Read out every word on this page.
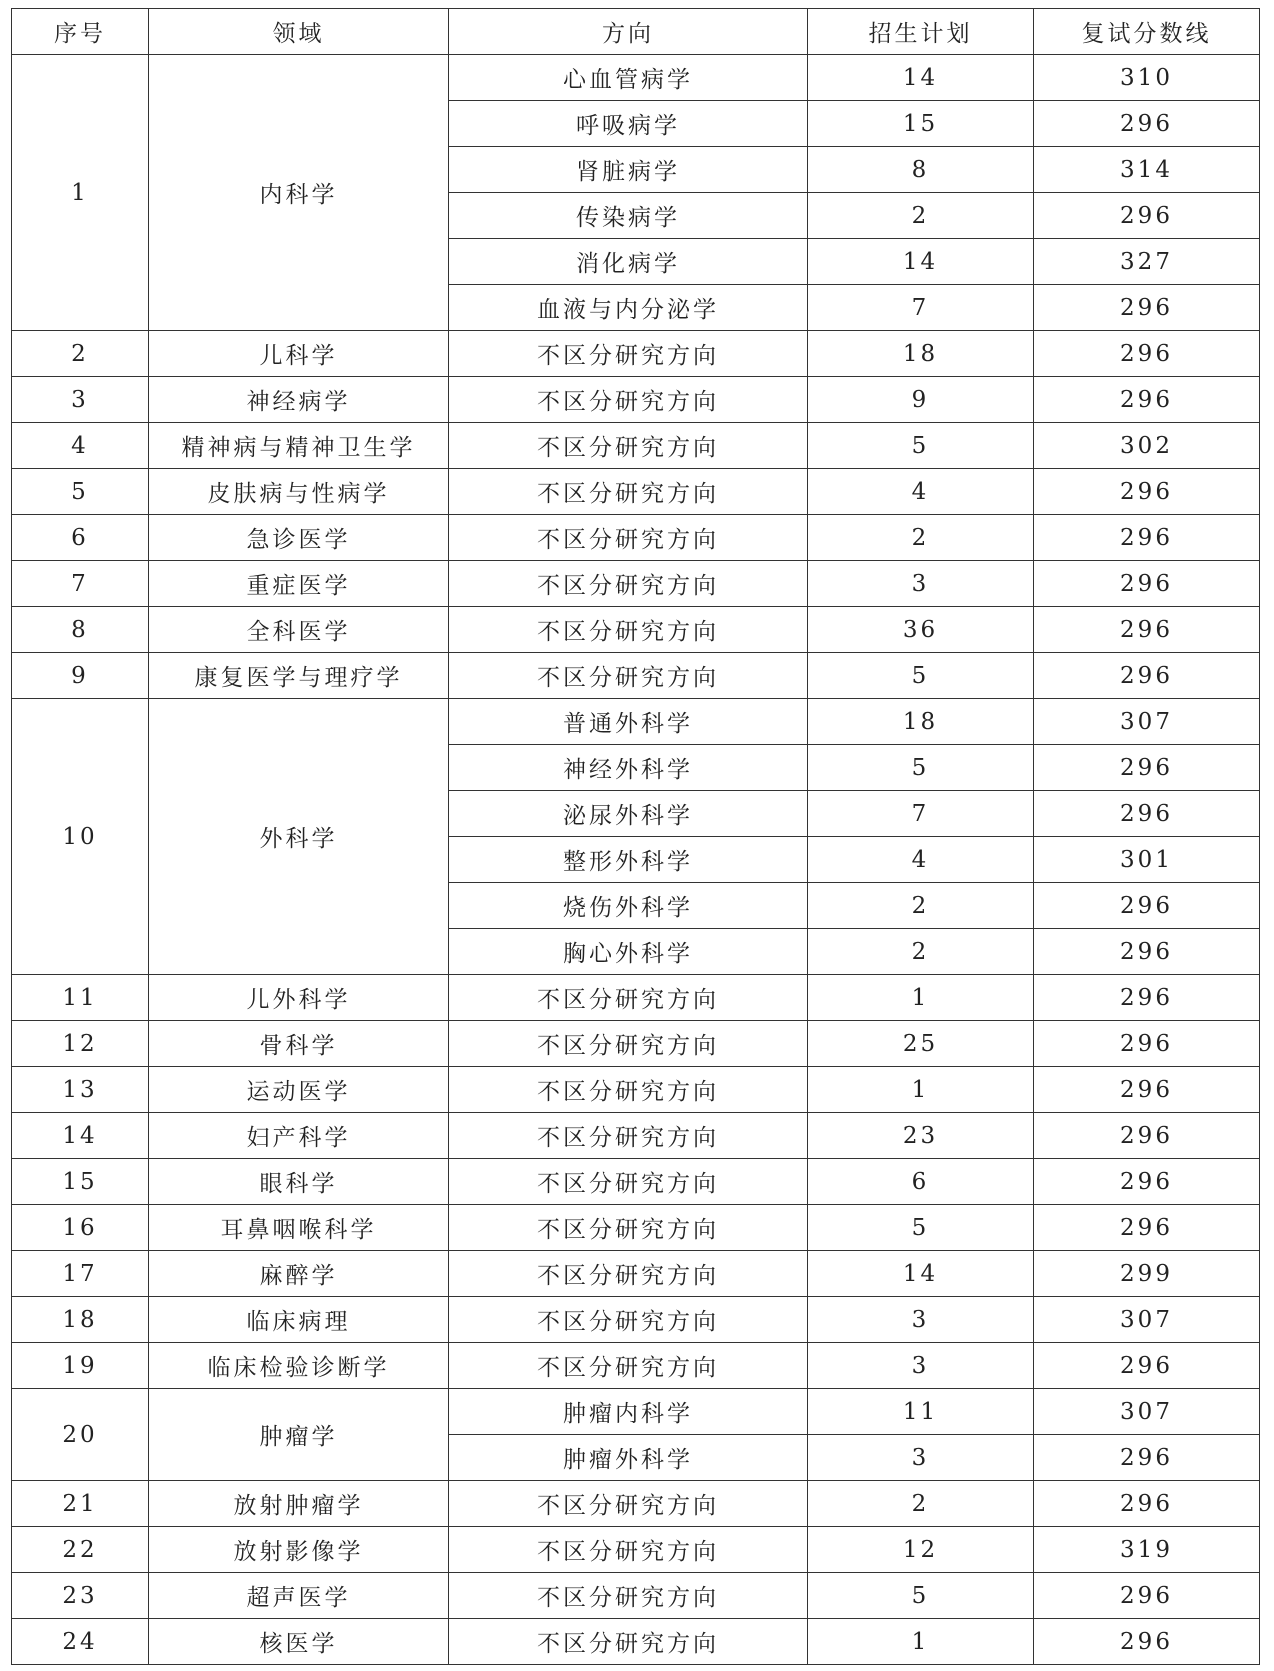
序号	领域	方向	招生计划	复试分数线
1	内科学	心血管病学	14	310
		呼吸病学	15	296
		肾脏病学	8	314
		传染病学	2	296
		消化病学	14	327
		血液与内分泌学	7	296
2	儿科学	不区分研究方向	18	296
3	神经病学	不区分研究方向	9	296
4	精神病与精神卫生学	不区分研究方向	5	302
5	皮肤病与性病学	不区分研究方向	4	296
6	急诊医学	不区分研究方向	2	296
7	重症医学	不区分研究方向	3	296
8	全科医学	不区分研究方向	36	296
9	康复医学与理疗学	不区分研究方向	5	296
10	外科学	普通外科学	18	307
		神经外科学	5	296
		泌尿外科学	7	296
		整形外科学	4	301
		烧伤外科学	2	296
		胸心外科学	2	296
11	儿外科学	不区分研究方向	1	296
12	骨科学	不区分研究方向	25	296
13	运动医学	不区分研究方向	1	296
14	妇产科学	不区分研究方向	23	296
15	眼科学	不区分研究方向	6	296
16	耳鼻咽喉科学	不区分研究方向	5	296
17	麻醉学	不区分研究方向	14	299
18	临床病理	不区分研究方向	3	307
19	临床检验诊断学	不区分研究方向	3	296
20	肿瘤学	肿瘤内科学	11	307
		肿瘤外科学	3	296
21	放射肿瘤学	不区分研究方向	2	296
22	放射影像学	不区分研究方向	12	319
23	超声医学	不区分研究方向	5	296
24	核医学	不区分研究方向	1	296
